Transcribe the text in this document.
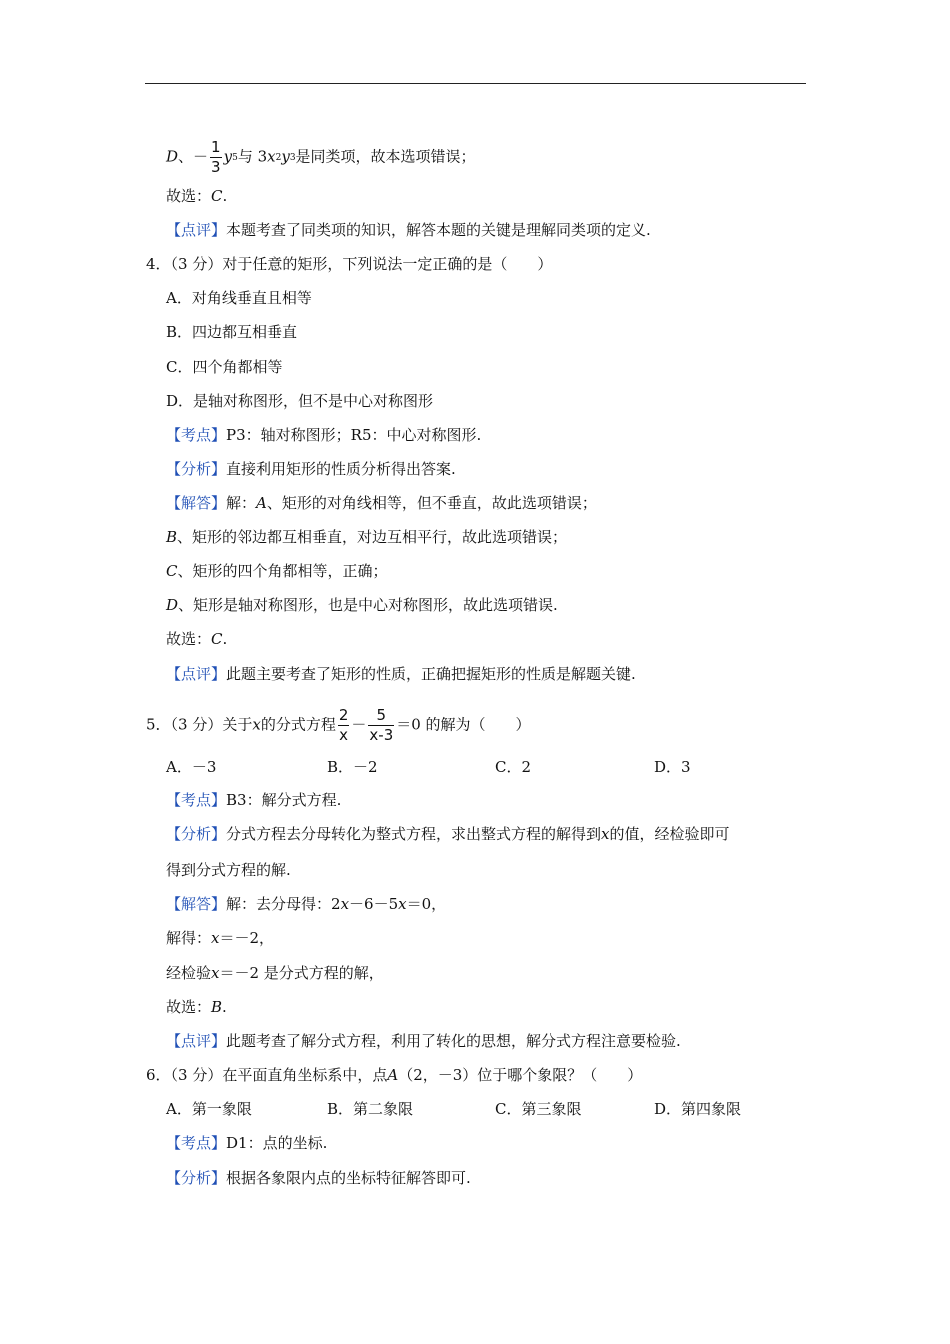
D、－ $\frac{1}{3} y^5$与 $3x^2y^3$是同类项，故本选项错误；
故选：C.
【点评】本题考查了同类项的知识，解答本题的关键是理解同类项的定义.
4．（3 分）对于任意的矩形，下列说法一定正确的是（　　）
A．对角线垂直且相等
B．四边都互相垂直
C．四个角都相等
D．是轴对称图形，但不是中心对称图形
【考点】P3：轴对称图形；R5：中心对称图形.
【分析】直接利用矩形的性质分析得出答案.
【解答】解：A、矩形的对角线相等，但不垂直，故此选项错误；
B、矩形的邻边都互相垂直，对边互相平行，故此选项错误；
C、矩形的四个角都相等，正确；
D、矩形是轴对称图形，也是中心对称图形，故此选项错误.
故选：C.
【点评】此题主要考查了矩形的性质，正确把握矩形的性质是解题关键.
5．（3 分）关于x的分式方程 $\frac{2}{x} - \frac{5}{x-3} =0$ 的解为（　　）
A．－3	B．－2	C．2	D．3
【考点】B3：解分式方程.
【分析】分式方程去分母转化为整式方程，求出整式方程的解得到x的值，经检验即可
得到分式方程的解.
【解答】解：去分母得：2x－6－5x＝0，
解得：x＝－2，
经检验x＝－2 是分式方程的解，
故选：B.
【点评】此题考查了解分式方程，利用了转化的思想，解分式方程注意要检验.
6．（3 分）在平面直角坐标系中，点A（2，－3）位于哪个象限？（　　）
A．第一象限	B．第二象限	C．第三象限	D．第四象限
【考点】D1：点的坐标.
【分析】根据各象限内点的坐标特征解答即可.
